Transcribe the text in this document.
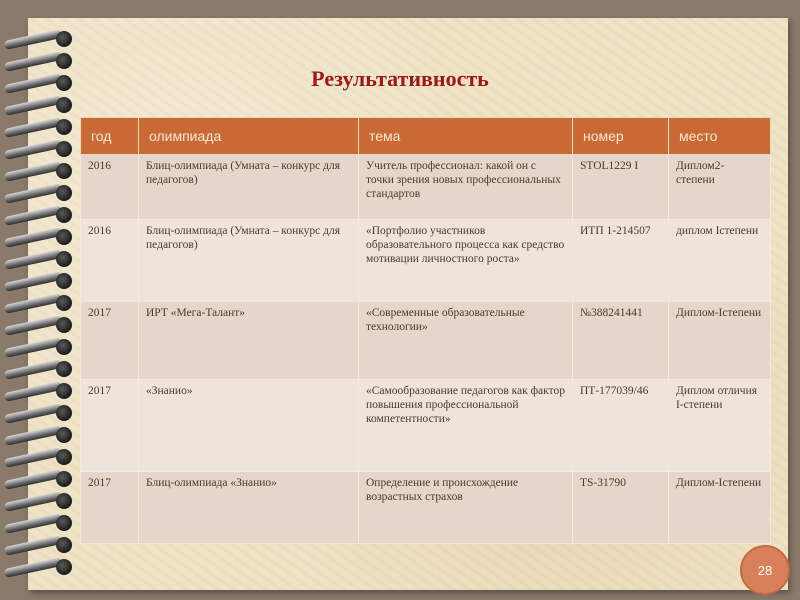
Результативность
год	олимпиада	тема	номер	место
2016	Блиц-олимпиада (Умната – конкурс для педагогов)	Учитель профессионал: какой он с точки зрения новых профессиональных стандартов	STOL1229 I	Диплом2-степени
2016	Блиц-олимпиада (Умната – конкурс для педагогов)	«Портфолио участников образовательного процесса как средство мотивации личностного роста»	ИТП 1-214507	диплом Iстепени
2017	ИРТ «Мега-Талант»	«Современные образовательные технологии»	№388241441	Диплом-Iстепени
2017	«Знанио»	«Самообразование педагогов как фактор повышения профессиональной компетентности»	ПТ-177039/46	Диплом отличия I-степени
2017	Блиц-олимпиада «Знанио»	Определение и происхождение возрастных страхов	TS-31790	Диплом-Iстепени
28
